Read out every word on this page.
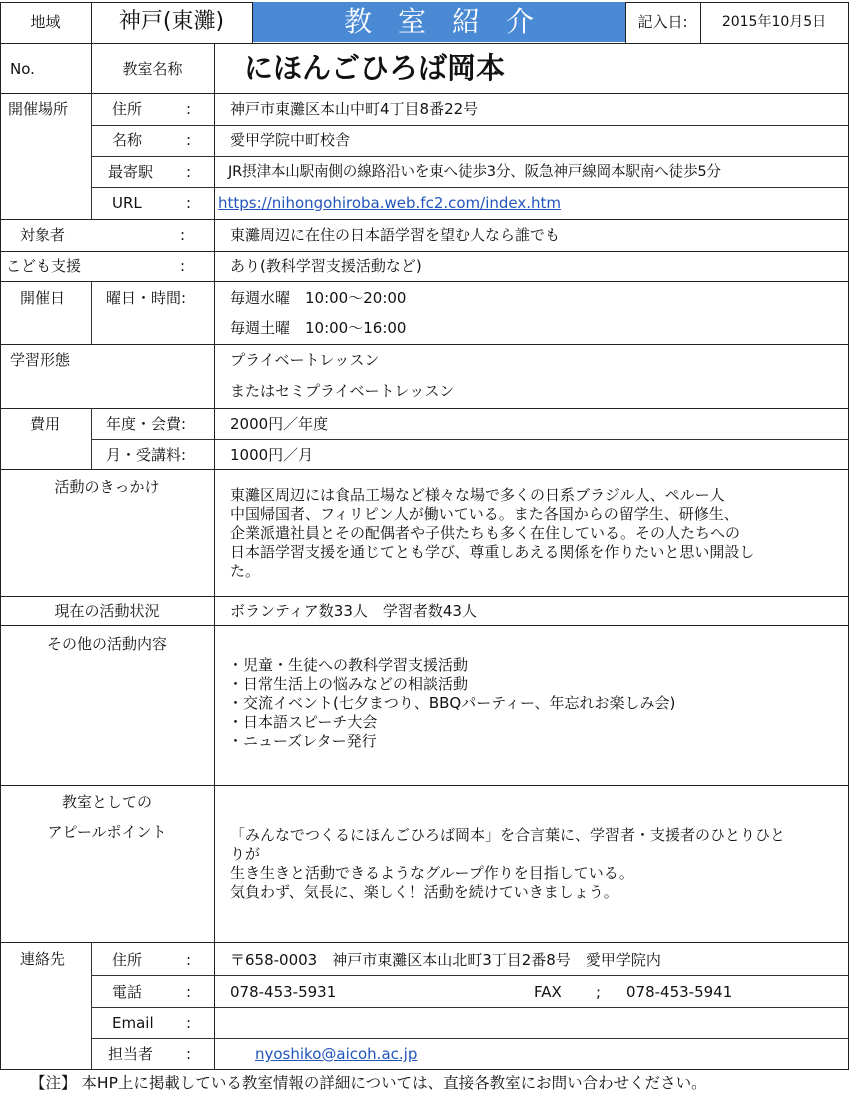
地域	神戸(東灘)	教室紹介	記入日:	2015年10月5日
No.	教室名称	にほんごひろば岡本
開催場所	住所	:	神戸市東灘区本山中町4丁目8番22号
名称	:	愛甲学院中町校舎
最寄駅 :	JR摂津本山駅南側の線路沿いを東へ徒歩3分、阪急神戸線岡本駅南へ徒歩5分
URL	: https://nihongohiroba.web.fc2.com/index.htm
対象者	:	東灘周辺に在住の日本語学習を望む人なら誰でも
こども支援	:	あり(教科学習支援活動など)
開催日	曜日・時間:	毎週水曜　10:00〜20:00
毎週土曜　10:00〜16:00
学習形態	プライベートレッスン
またはセミプライベートレッスン
費用	年度・会費:	2000円／年度
月・受講料:	1000円／月
活動のきっかけ	東灘区周辺には食品工場など様々な場で多くの日系ブラジル人、ペルー人
中国帰国者、フィリピン人が働いている。また各国からの留学生、研修生、
企業派遣社員とその配偶者や子供たちも多く在住している。その人たちへの
日本語学習支援を通じてとも学び、尊重しあえる関係を作りたいと思い開設し
た。
現在の活動状況	ボランティア数33人　学習者数43人
その他の活動内容
・児童・生徒への教科学習支援活動
・日常生活上の悩みなどの相談活動
・交流イベント(七夕まつり、BBQパーティー、年忘れお楽しみ会)
・日本語スピーチ大会
・ニューズレター発行
教室としての
アピールポイント	「みんなでつくるにほんごひろば岡本」を合言葉に、学習者・支援者のひとりひと
りが
生き生きと活動できるようなグループ作りを目指している。
気負わず、気長に、楽しく！活動を続けていきましょう。
連絡先	住所	:	〒658-0003　神戸市東灘区本山北町3丁目2番8号　愛甲学院内
電話	:	078-453-5931	FAX ; 078-453-5941
Email :
担当者 :	nyoshiko@aicoh.ac.jp
【注】 本HP上に掲載している教室情報の詳細については、直接各教室にお問い合わせください。
